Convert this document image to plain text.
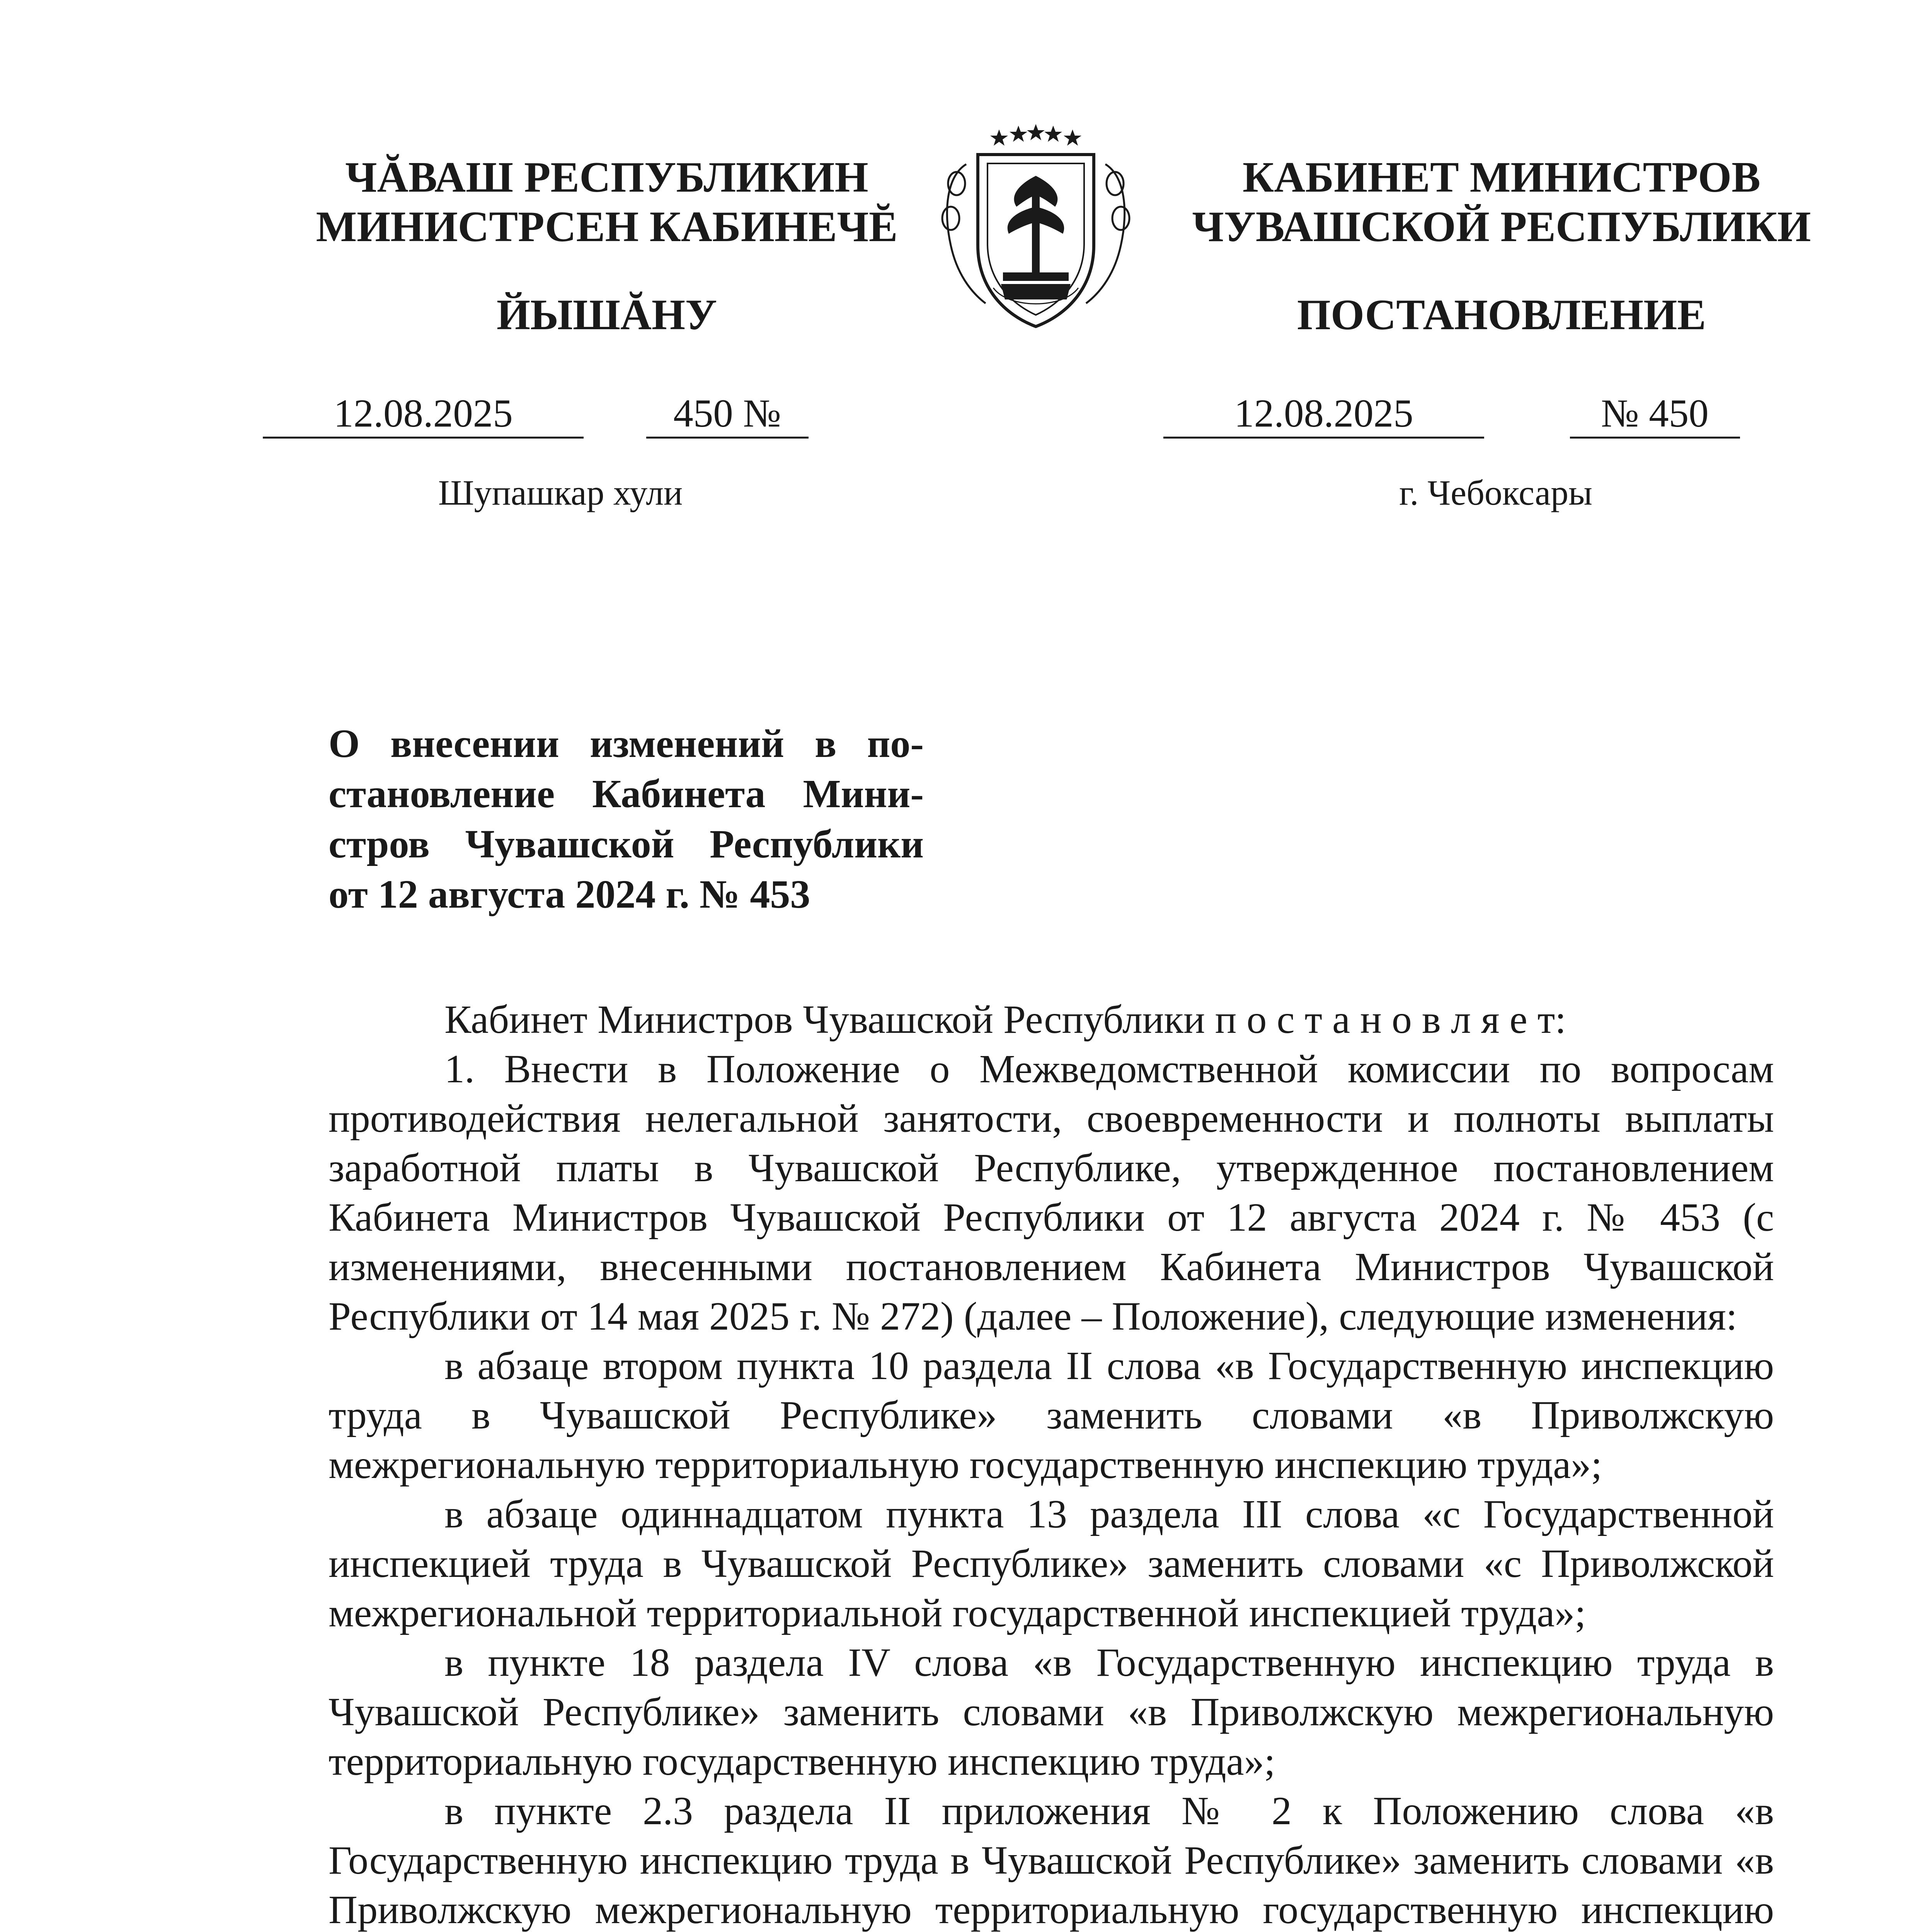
ЧĂВАШ РЕСПУБЛИКИН
МИНИСТРСЕН КАБИНЕЧĔ
ЙЫШĂНУ
КАБИНЕТ МИНИСТРОВ
ЧУВАШСКОЙ РЕСПУБЛИКИ
ПОСТАНОВЛЕНИЕ
12.08.2025	450 №	12.08.2025	№ 450
Шупашкар хули	г. Чебоксары
О внесении изменений в по-
становление Кабинета Мини-
стров Чувашской Республики
от 12 августа 2024 г. № 453

Кабинет Министров Чувашской Республики п о с т а н о в л я е т:

1. Внести в Положение о Межведомственной комиссии по вопросам противодействия нелегальной занятости, своевременности и полноты выплаты заработной платы в Чувашской Республике, утвержденное постановлением Кабинета Министров Чувашской Республики от 12 августа 2024 г. № 453 (с изменениями, внесенными постановлением Кабинета Министров Чувашской Республики от 14 мая 2025 г. № 272) (далее – Положение), следующие изменения:

в абзаце втором пункта 10 раздела II слова «в Государственную инспекцию труда в Чувашской Республике» заменить словами «в Приволжскую межрегиональную территориальную государственную инспекцию труда»;

в абзаце одиннадцатом пункта 13 раздела III слова «с Государственной инспекцией труда в Чувашской Республике» заменить словами «с Приволжской межрегиональной территориальной государственной инспекцией труда»;

в пункте 18 раздела IV слова «в Государственную инспекцию труда в Чувашской Республике» заменить словами «в Приволжскую межрегиональную территориальную государственную инспекцию труда»;

в пункте 2.3 раздела II приложения № 2 к Положению слова «в Государственную инспекцию труда в Чувашской Республике» заменить словами «в Приволжскую межрегиональную территориальную государственную инспекцию
